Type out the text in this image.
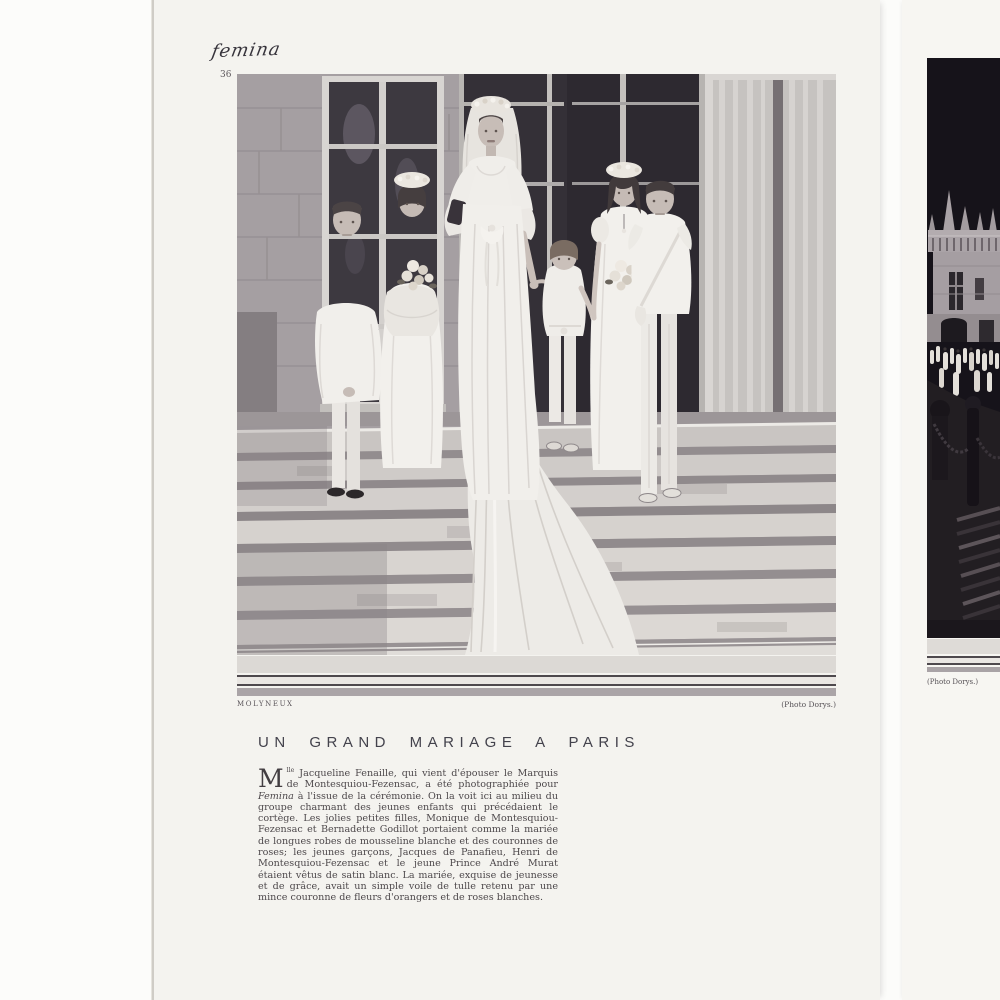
femina
36
MOLYNEUX	(Photo Dorys.)
UN GRAND MARIAGE A PARIS

M $^{lle}$ Jacqueline Fenaille, qui vient d'épouser le Marquis de Montesquiou-Fezensac, a été photographiée pour Femina à l'issue de la cérémonie. On la voit ici au milieu du groupe charmant des jeunes enfants qui précédaient le cortège. Les jolies petites filles, Monique de Montesquiou-Fezensac et Bernadette Godillot portaient comme la mariée de longues robes de mousseline blanche et des couronnes de roses; les jeunes garçons, Jacques de Panafieu, Henri de Montesquiou-Fezensac et le jeune Prince André Murat étaient vêtus de satin blanc. La mariée, exquise de jeunesse et de grâce, avait un simple voile de tulle retenu par une mince couronne de fleurs d'orangers et de roses blanches.

(Photo Dorys.)
